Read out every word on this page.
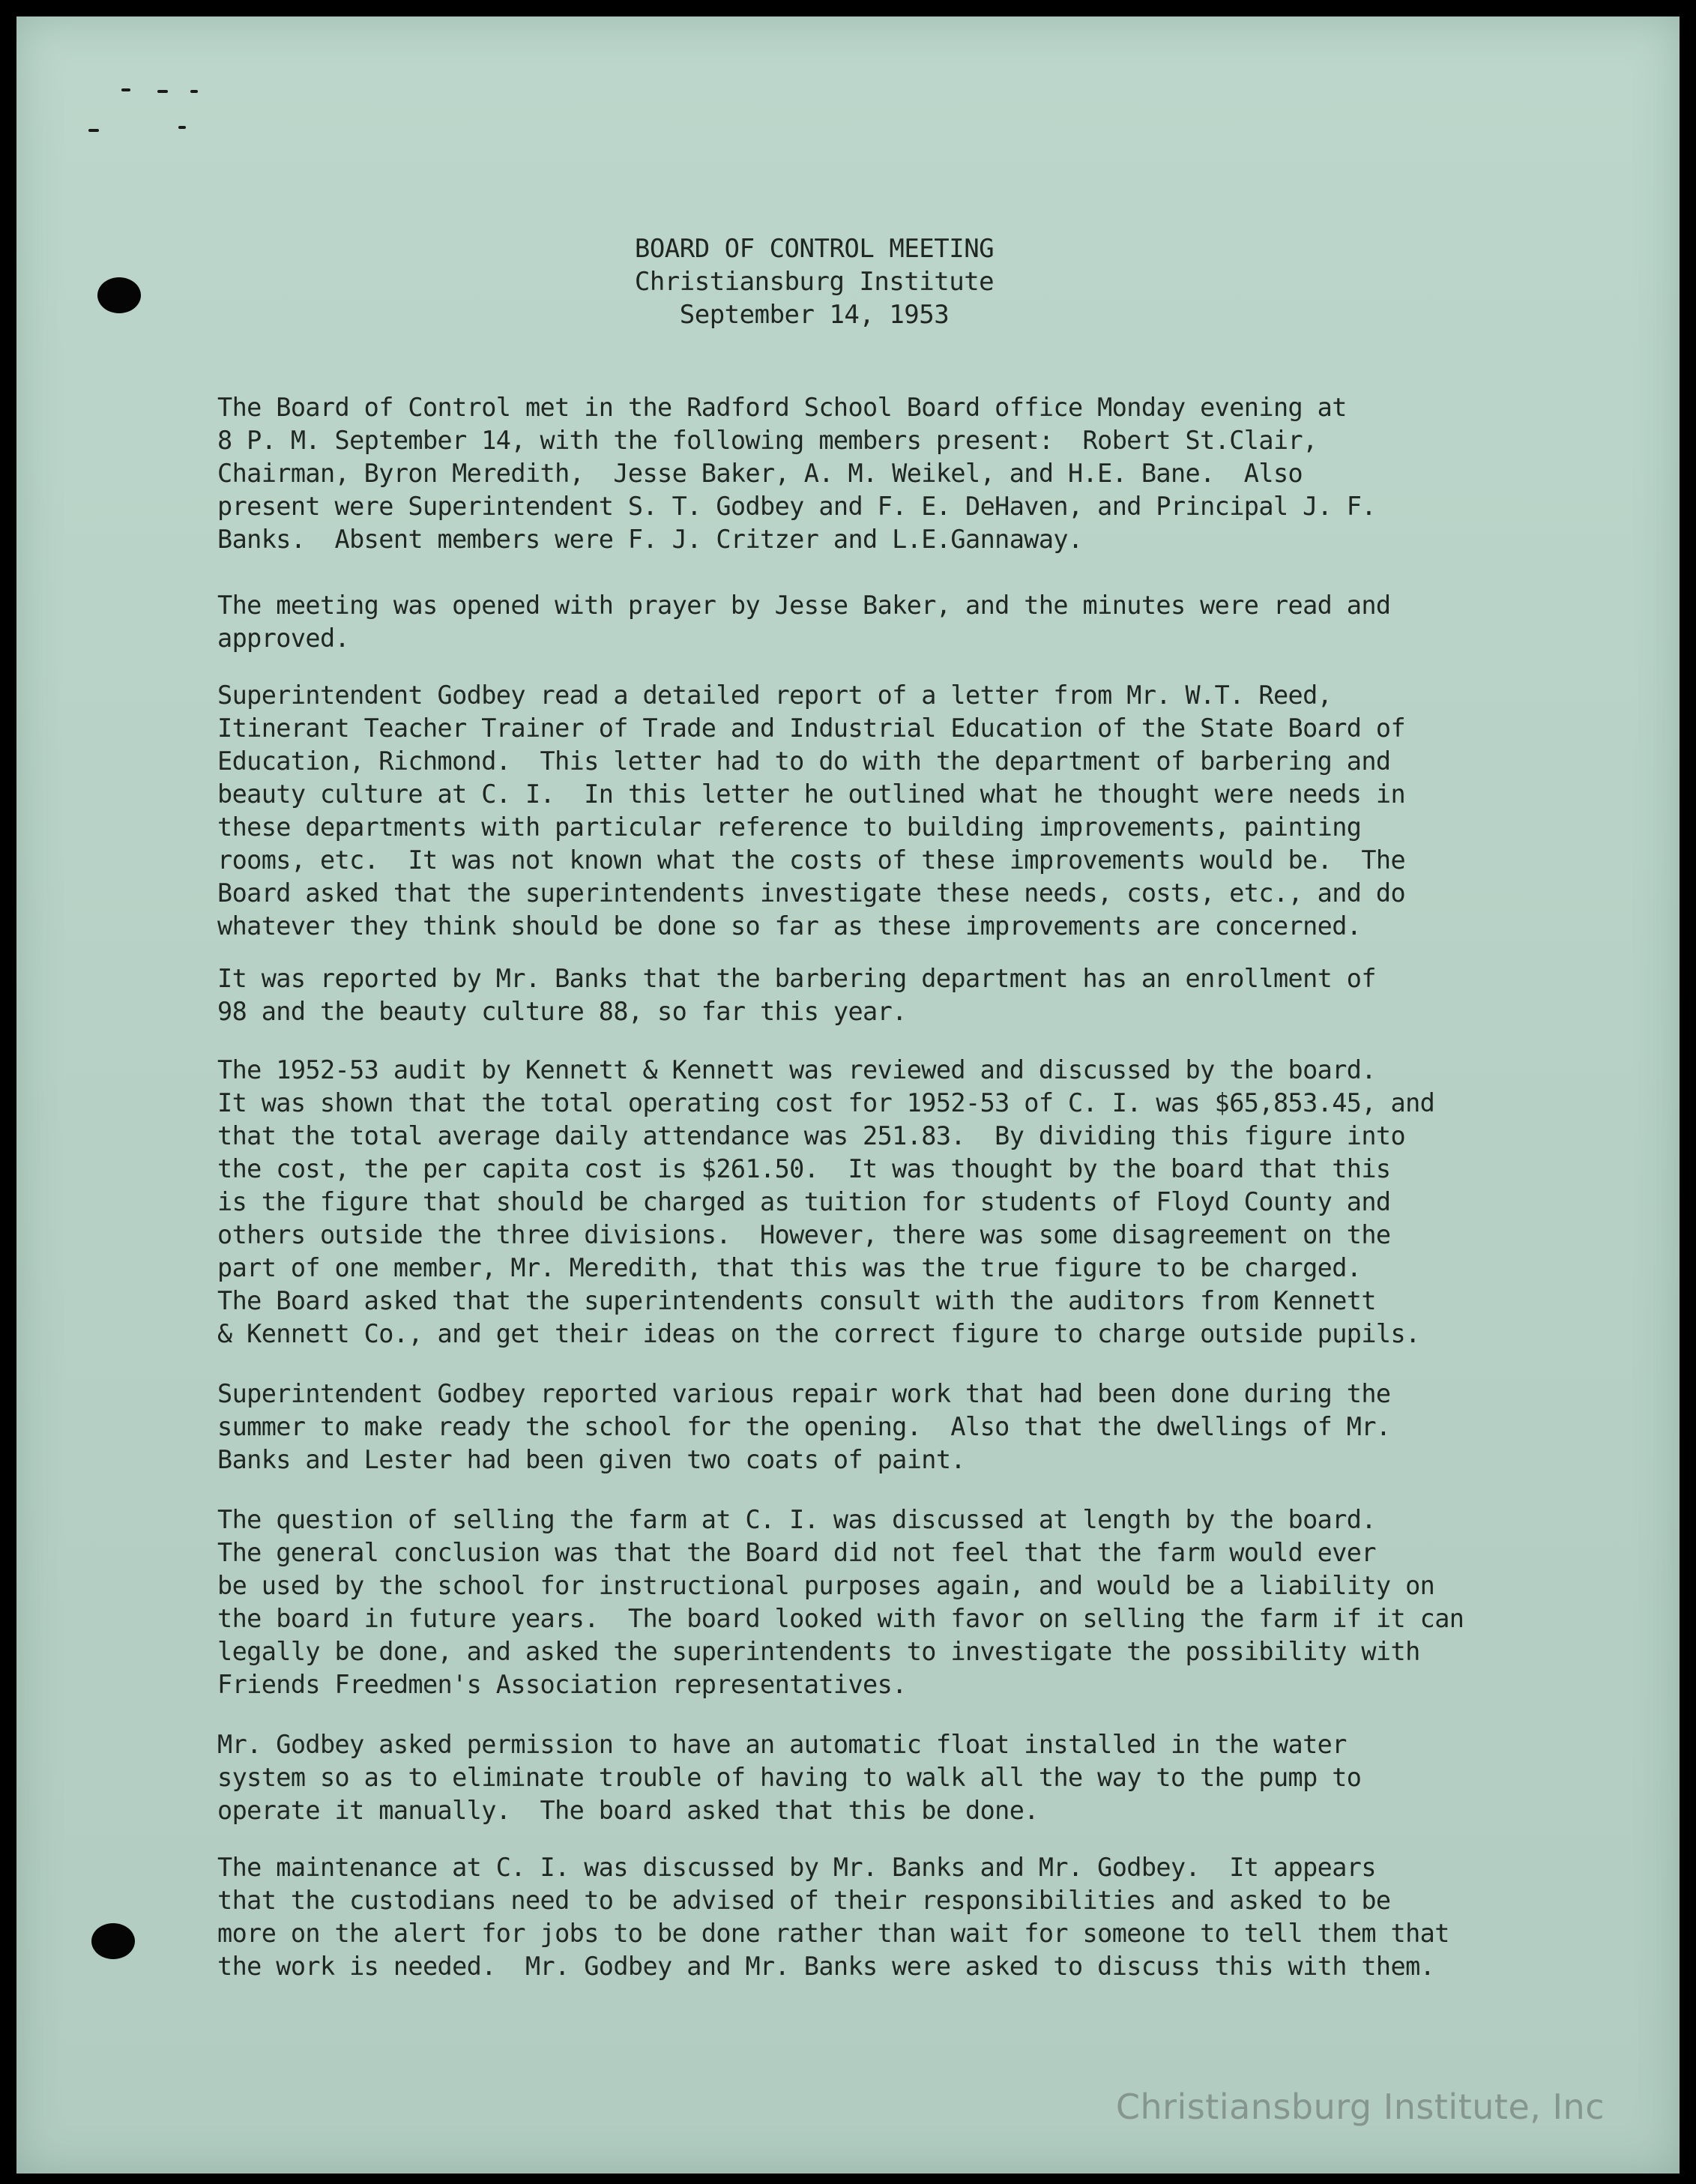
BOARD OF CONTROL MEETING
Christiansburg Institute
September 14, 1953

The Board of Control met in the Radford School Board office Monday evening at
8 P. M. September 14, with the following members present:  Robert St.Clair,
Chairman, Byron Meredith,  Jesse Baker, A. M. Weikel, and H.E. Bane.  Also
present were Superintendent S. T. Godbey and F. E. DeHaven, and Principal J. F.
Banks.  Absent members were F. J. Critzer and L.E.Gannaway.

The meeting was opened with prayer by Jesse Baker, and the minutes were read and
approved.

Superintendent Godbey read a detailed report of a letter from Mr. W.T. Reed,
Itinerant Teacher Trainer of Trade and Industrial Education of the State Board of
Education, Richmond.  This letter had to do with the department of barbering and
beauty culture at C. I.  In this letter he outlined what he thought were needs in
these departments with particular reference to building improvements, painting
rooms, etc.  It was not known what the costs of these improvements would be.  The
Board asked that the superintendents investigate these needs, costs, etc., and do
whatever they think should be done so far as these improvements are concerned.

It was reported by Mr. Banks that the barbering department has an enrollment of
98 and the beauty culture 88, so far this year.

The 1952-53 audit by Kennett & Kennett was reviewed and discussed by the board.
It was shown that the total operating cost for 1952-53 of C. I. was $65,853.45, and
that the total average daily attendance was 251.83.  By dividing this figure into
the cost, the per capita cost is $261.50.  It was thought by the board that this
is the figure that should be charged as tuition for students of Floyd County and
others outside the three divisions.  However, there was some disagreement on the
part of one member, Mr. Meredith, that this was the true figure to be charged.
The Board asked that the superintendents consult with the auditors from Kennett
& Kennett Co., and get their ideas on the correct figure to charge outside pupils.

Superintendent Godbey reported various repair work that had been done during the
summer to make ready the school for the opening.  Also that the dwellings of Mr.
Banks and Lester had been given two coats of paint.

The question of selling the farm at C. I. was discussed at length by the board.
The general conclusion was that the Board did not feel that the farm would ever
be used by the school for instructional purposes again, and would be a liability on
the board in future years.  The board looked with favor on selling the farm if it can
legally be done, and asked the superintendents to investigate the possibility with
Friends Freedmen's Association representatives.

Mr. Godbey asked permission to have an automatic float installed in the water
system so as to eliminate trouble of having to walk all the way to the pump to
operate it manually.  The board asked that this be done.

The maintenance at C. I. was discussed by Mr. Banks and Mr. Godbey.  It appears
that the custodians need to be advised of their responsibilities and asked to be
more on the alert for jobs to be done rather than wait for someone to tell them that
the work is needed.  Mr. Godbey and Mr. Banks were asked to discuss this with them.

Christiansburg Institute, Inc
